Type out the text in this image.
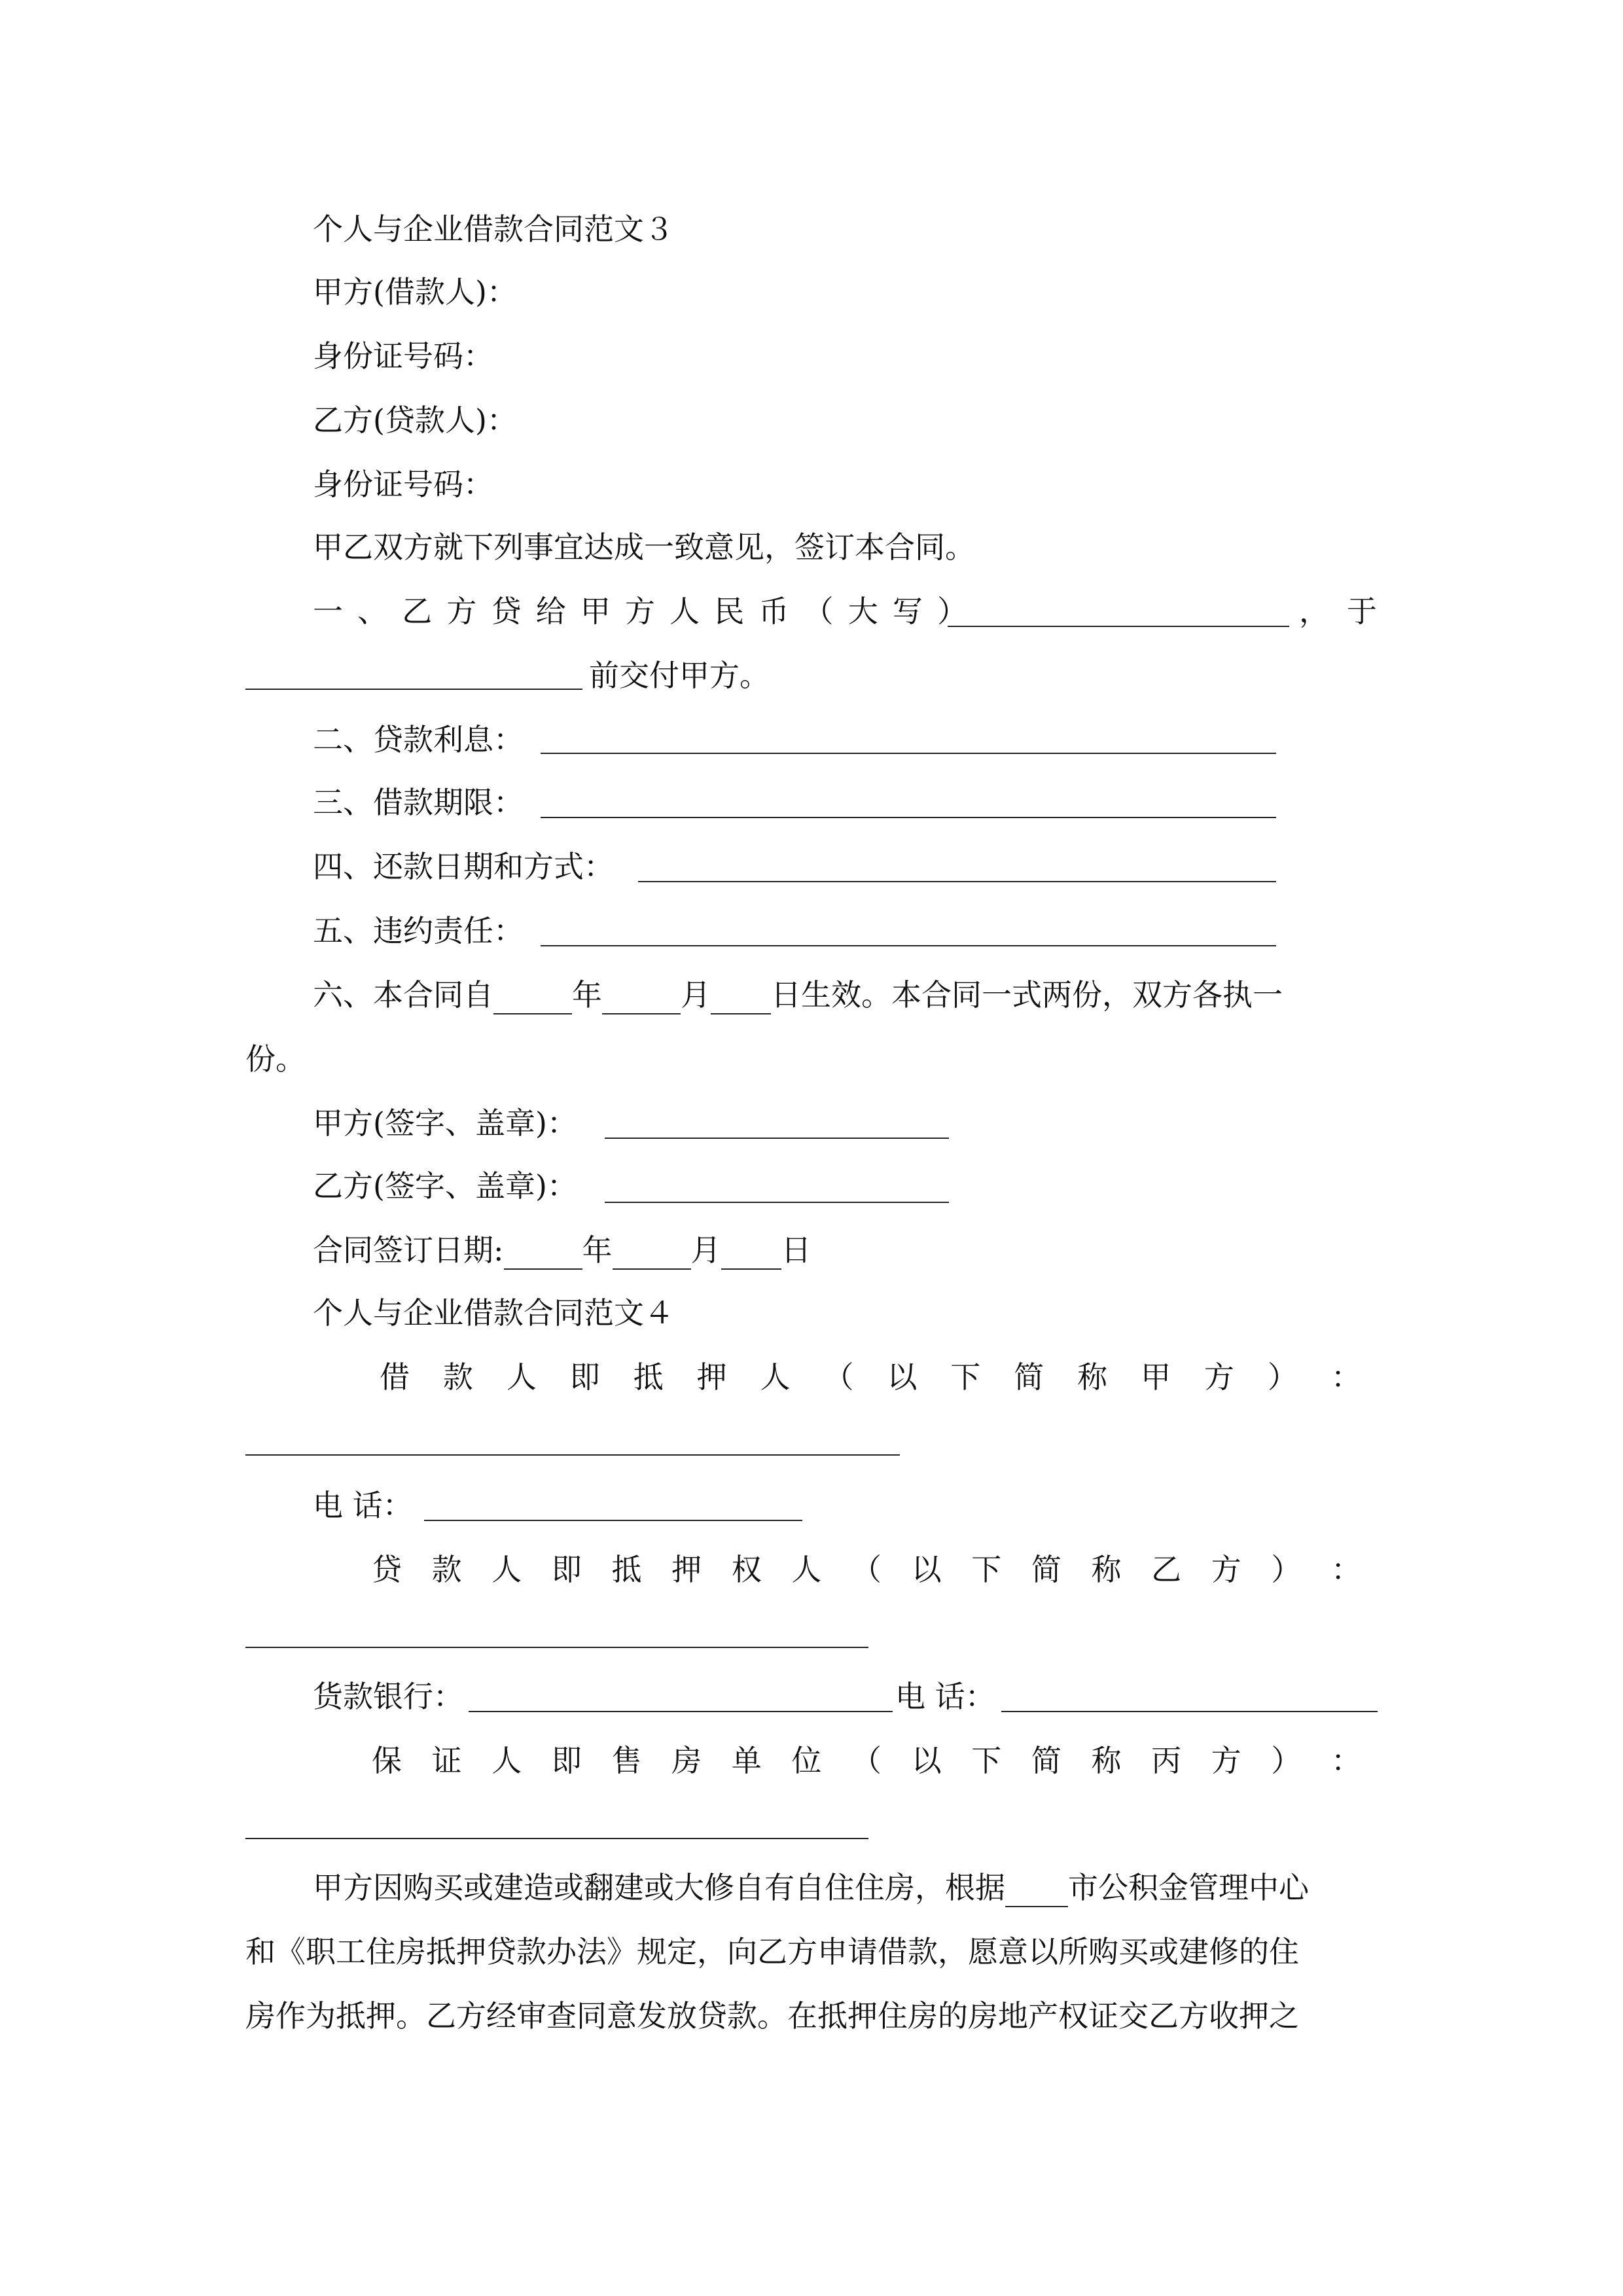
个人与企业借款合同范文３
甲方(借款人)：
身份证号码：
乙方(贷款人)：
身份证号码：
甲乙双方就下列事宜达成一致意见，签订本合同。
一 、 乙 方 贷 给 甲 方 人 民 币 （ 大 写 ）	， 于
前交付甲方。
二、贷款利息：
三、借款期限：
四、还款日期和方式：
五、违约责任：
六、本合同自	年	月 日生效。本合同一式两份，双方各执一
份。
甲方(签字、盖章)：
乙方(签字、盖章)：
合同签订日期:	年	月 日
个人与企业借款合同范文４
借 款 人 即 抵 押 人 （ 以 下 简 称 甲 方 ） ：
电 话：
贷 款 人 即 抵 押 权 人 （ 以 下 简 称 乙 方 ） ：
货款银行：	电 话：
保 证 人 即 售 房 单 位 （ 以 下 简 称 丙 方 ） ：
甲方因购买或建造或翻建或大修自有自住住房，根据 市公积金管理中心
和《职工住房抵押贷款办法》规定，向乙方申请借款，愿意以所购买或建修的住
房作为抵押。乙方经审查同意发放贷款。在抵押住房的房地产权证交乙方收押之
